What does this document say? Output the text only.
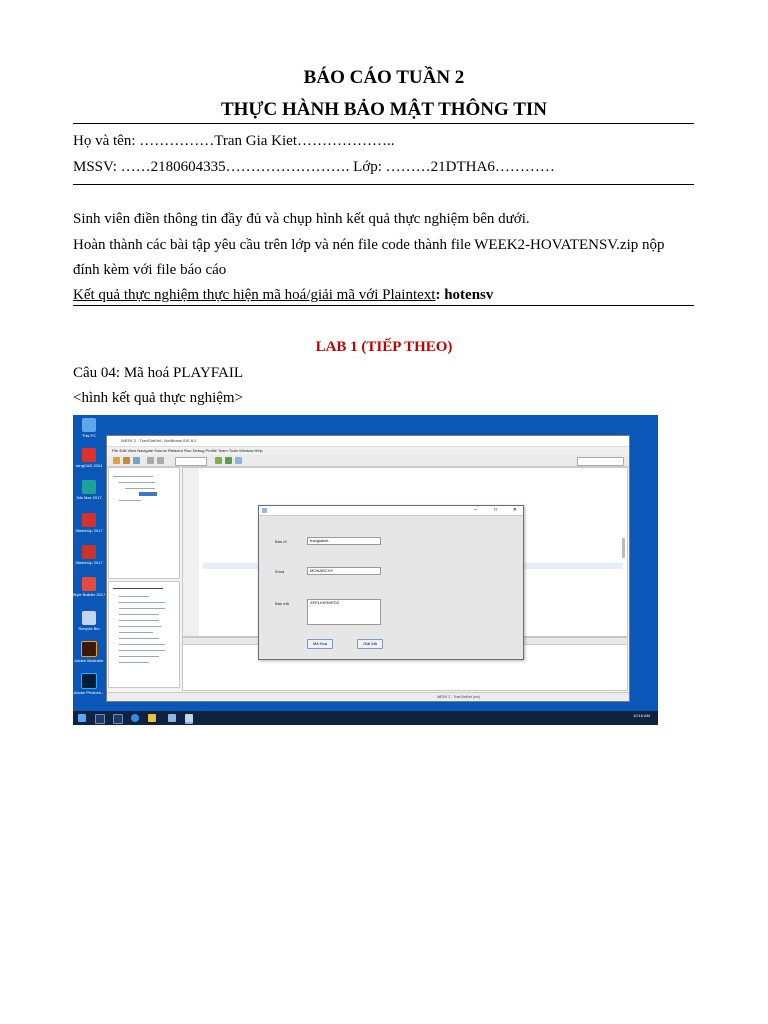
BÁO CÁO TUẦN 2
THỰC HÀNH BẢO MẬT THÔNG TIN
Họ và tên: ……………Tran Gia Kiet………………..
MSSV: ……2180604335……………………. Lớp: ………21DTHA6…………
Sinh viên điền thông tin đầy đủ và chụp hình kết quả thực nghiệm bên dưới.
Hoàn thành các bài tập yêu cầu trên lớp và nén file code thành file WEEK2-HOVATENSV.zip nộp
đính kèm với file báo cáo
Kết quả thực nghiệm thực hiện mã hoá/giải mã với Plaintext: hotensv
LAB 1 (TIẾP THEO)
Câu 04: Mã hoá PLAYFAIL
<hình kết quả thực nghiệm>
This PC
wingCAD 2024
3ds Max 2017
SketchUp 2017
SketchUp 2017
Style Builder 2017
Recycle Bin
Adobe Illustrator
Adobe Photosh...
WEEK 2 - TranGiaKiet - NetBeans IDE 8.2
File Edit View Navigate Source Refactor Run Debug Profile Team Tools Window Help
WEEK 2 - TranGiaKiet (run)
–	□	✕
Bản rõ	trangiakiet
Khoá	MONARCHY
Bản mã	ZEPLKKRMFDZ
Mã Hoá	Giải Mã
10:16 AM
